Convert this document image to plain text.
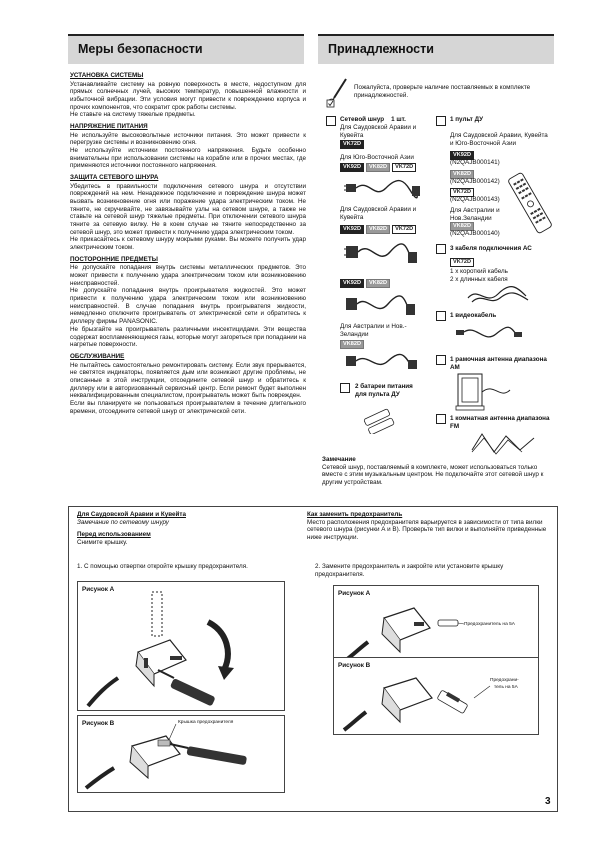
Меры безопасности	Принадлежности
УСТАНОВКА СИСТЕМЫ

Устанавливайте систему на ровную поверхность в месте, недоступном для прямых солнечных лучей, высоких температур, повышенной влажности и избыточной вибрации. Эти условия могут привести к повреждению корпуса и прочих компонентов, что сократит срок работы системы.

Не ставьте на систему тяжелые предметы.

НАПРЯЖЕНИЕ ПИТАНИЯ

Не используйте высоковольтные источники питания. Это может привести к перегрузке системы и возникновению огня.

Не используйте источники постоянного напряжения. Будьте особенно внимательны при использовании системы на корабле или в прочих местах, где применяются источники постоянного напряжения.

ЗАЩИТА СЕТЕВОГО ШНУРА

Убедитесь в правильности подключения сетевого шнура и отсутствии повреждений на нем. Ненадежное подключение и повреждение шнура может вызвать возникновение огня или поражение удара электрическим током. Не тяните, не скручивайте, не завязывайте узлы на сетевом шнуре, а также не ставьте на сетевой шнур тяжелые предметы. При отключении сетевого шнура тяните за сетевую вилку. Не в коем случае не тяните непосредственно за сетевой шнур, это может привести к получению удара электрическим током.

Не прикасайтесь к сетевому шнуру мокрыми руками. Вы можете получить удар электрическим током.

ПОСТОРОННИЕ ПРЕДМЕТЫ

Не допускайте попадания внутрь системы металлических предметов. Это может привести к получению удара электрическим током или возникновению неисправностей.

Не допускайте попадания внутрь проигрывателя жидкостей. Это может привести к получению удара электрическим током или возникновению неисправностей. В случае попадания внутрь проигрывателя жидкости, немедленно отключите проигрыватель от электрической сети и обратитесь к диллеру фирмы PANASONIC.

Не брызгайте на проигрыватель различными инсектицидами. Эти вещества содержат воспламеняющиеся газы, которые могут загореться при попадании на нагретые поверхности.

ОБСЛУЖИВАНИЕ

Не пытайтесь самостоятельно ремонтировать систему. Если звук прерывается, не светятся индикаторы, появляется дым или возникают другие проблемы, не описанные в этой инструкции, отсоедините сетевой шнур и обратитесь к диллеру или в авторизованный сервисный центр. Если ремонт будет выполнен неквалифицированным специалистом, проигрыватель может быть поврежден.

Если вы планируете не пользоваться проигрывателем в течение длительного времени, отсоедините сетевой шнур от электрической сети.

Пожалуйста, проверьте наличие поставляемых в комплекте принадлежностей.
Сетевой шнур 1 шт.
Для Саудовской Аравии и Кувейта
VK72D
Для Юго-Восточной Азии
VK92D VK82D VK72D
Для Саудовской Аравии и Кувейта
VK92D VK82D VK72D
VK92D VK82D
Для Австралии и Нов.-Зеландии
VK82D
2 батареи питания для пульта ДУ
1 пульт ДУ
Для Саудовской Аравии, Кувейта и Юго-Восточной Азии
VK92D
(N2QAJB000141)
VK82D
(N2QAJB000142)
VK72D
(N2QAJB000143)
Для Австралии и Нов.Зеландии
VK82D
(N2QAJB000140)
3 кабеля подключения АС
VK72D
1 х короткий кабель
2 х длинных кабеля
1 видеокабель
1 рамочная антенна диапазона АМ
1 комнатная антенна диапазона FM
Замечание

Сетевой шнур, поставляемый в комплекте, может использоваться только вместе с этим музыкальным центром. Не подключайте этот сетевой шнур к другим устройствам.

Для Саудовской Аравии и Кувейта
Замечание по сетевому шнуру
Перед использованием
Снимите крышку.
Как заменить предохранитель
Место расположения предохранителя варьируется в зависимости от типа вилки сетевого шнура (рисунки А и В). Проверьте тип вилки и выполняйте приведенные ниже инструкции.
1. С помощью отвертки откройте крышку предохранителя.	2. Замените предохранитель и закройте или установите крышку предохранителя.
Рисунок А
Рисунок В	Крышка предохранителя
Рисунок А
Предохранитель на 5А
Рисунок В
Предохрани-
тель на 5А
3
